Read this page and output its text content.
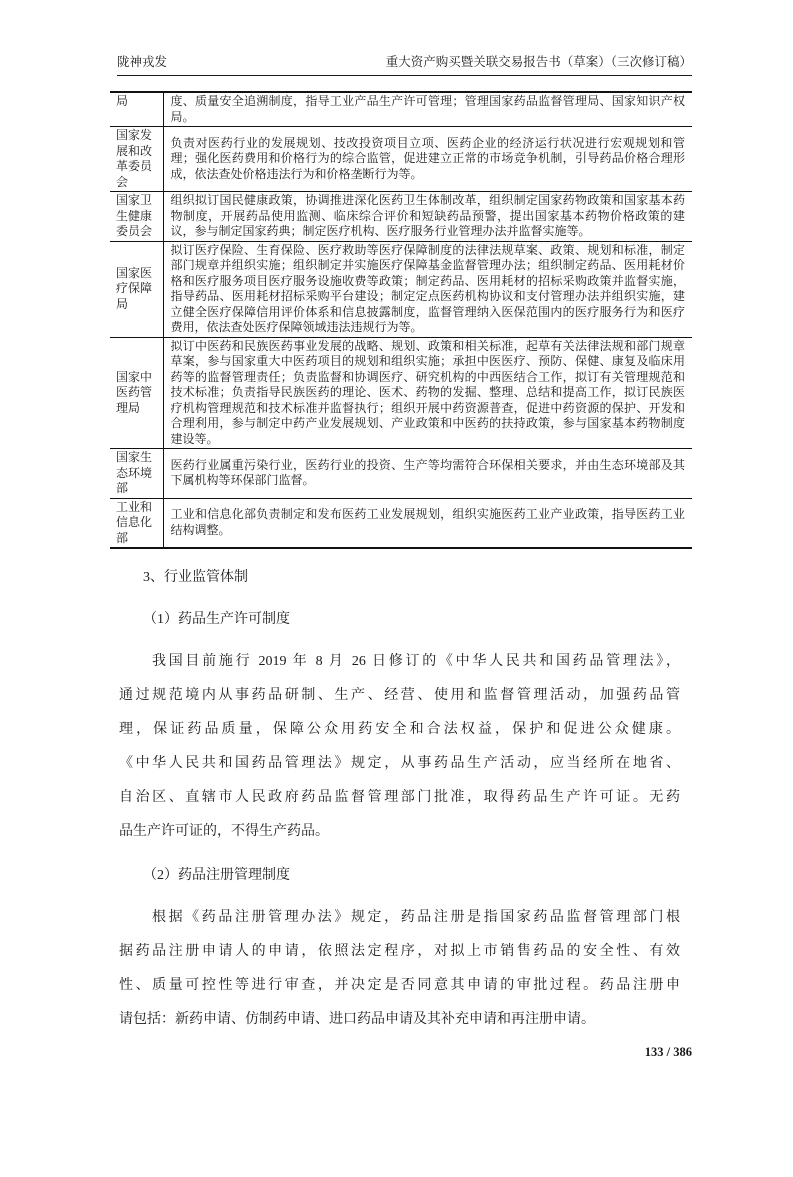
陇神戎发	重大资产购买暨关联交易报告书（草案）（三次修订稿）
局	度、质量安全追溯制度，指导工业产品生产许可管理；管理国家药品监督管理局、国家知识产权局。
国家发展和改革委员会	负责对医药行业的发展规划、技改投资项目立项、医药企业的经济运行状况进行宏观规划和管理；强化医药费用和价格行为的综合监管，促进建立正常的市场竞争机制，引导药品价格合理形成，依法查处价格违法行为和价格垄断行为等。
国家卫生健康委员会	组织拟订国民健康政策，协调推进深化医药卫生体制改革，组织制定国家药物政策和国家基本药物制度，开展药品使用监测、临床综合评价和短缺药品预警，提出国家基本药物价格政策的建议，参与制定国家药典；制定医疗机构、医疗服务行业管理办法并监督实施等。
国家医疗保障局	拟订医疗保险、生育保险、医疗救助等医疗保障制度的法律法规草案、政策、规划和标准，制定部门规章并组织实施；组织制定并实施医疗保障基金监督管理办法；组织制定药品、医用耗材价格和医疗服务项目医疗服务设施收费等政策；制定药品、医用耗材的招标采购政策并监督实施，指导药品、医用耗材招标采购平台建设；制定定点医药机构协议和支付管理办法并组织实施，建立健全医疗保障信用评价体系和信息披露制度，监督管理纳入医保范围内的医疗服务行为和医疗费用，依法查处医疗保障领域违法违规行为等。
国家中医药管理局	拟订中医药和民族医药事业发展的战略、规划、政策和相关标准，起草有关法律法规和部门规章草案，参与国家重大中医药项目的规划和组织实施；承担中医医疗、预防、保健、康复及临床用药等的监督管理责任；负责监督和协调医疗、研究机构的中西医结合工作，拟订有关管理规范和技术标准；负责指导民族医药的理论、医术、药物的发掘、整理、总结和提高工作，拟订民族医疗机构管理规范和技术标准并监督执行；组织开展中药资源普查，促进中药资源的保护、开发和合理利用，参与制定中药产业发展规划、产业政策和中医药的扶持政策，参与国家基本药物制度建设等。
国家生态环境部	医药行业属重污染行业，医药行业的投资、生产等均需符合环保相关要求，并由生态环境部及其下属机构等环保部门监督。
工业和信息化部	工业和信息化部负责制定和发布医药工业发展规划，组织实施医药工业产业政策，指导医药工业结构调整。
3、行业监管体制
（1）药品生产许可制度
我国目前施行 2019 年 8 月 26 日修订的《中华人民共和国药品管理法》，
通过规范境内从事药品研制、生产、经营、使用和监督管理活动，加强药品管
理，保证药品质量，保障公众用药安全和合法权益，保护和促进公众健康。
《中华人民共和国药品管理法》规定，从事药品生产活动，应当经所在地省、
自治区、直辖市人民政府药品监督管理部门批准，取得药品生产许可证。无药
品生产许可证的，不得生产药品。
（2）药品注册管理制度
根据《药品注册管理办法》规定，药品注册是指国家药品监督管理部门根
据药品注册申请人的申请，依照法定程序，对拟上市销售药品的安全性、有效
性、质量可控性等进行审查，并决定是否同意其申请的审批过程。药品注册申
请包括：新药申请、仿制药申请、进口药品申请及其补充申请和再注册申请。
133 / 386
